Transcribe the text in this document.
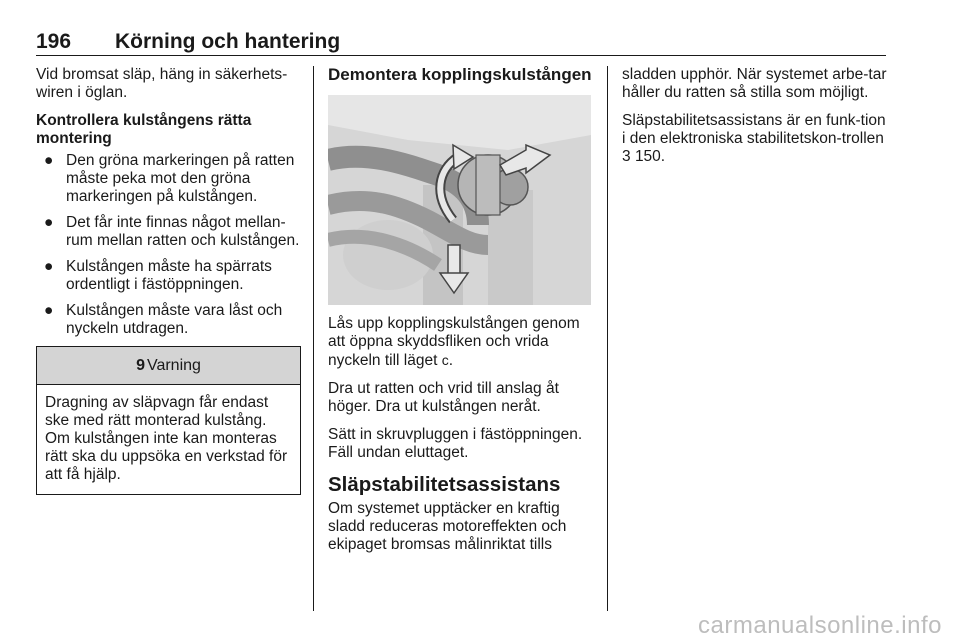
196 Körning och hantering

Vid bromsat släp, häng in säkerhets-wiren i öglan.

Kontrollera kulstångens rätta montering

● Den gröna markeringen på ratten måste peka mot den gröna markeringen på kulstången.
● Det får inte finnas något mellan-rum mellan ratten och kulstången.
● Kulstången måste ha spärrats ordentligt i fästöppningen.
● Kulstången måste vara låst och nyckeln utdragen.
9 Varning
Dragning av släpvagn får endast ske med rätt monterad kulstång. Om kulstången inte kan monteras rätt ska du uppsöka en verkstad för att få hjälp.

Demontera kopplingskulstången

Lås upp kopplingskulstången genom att öppna skyddsfliken och vrida nyckeln till läget c.

Dra ut ratten och vrid till anslag åt höger. Dra ut kulstången neråt.

Sätt in skruvpluggen i fästöppningen. Fäll undan eluttaget.

Släpstabilitetsassistans

Om systemet upptäcker en kraftig sladd reduceras motoreffekten och ekipaget bromsas målinriktat tills

sladden upphör. När systemet arbe-tar håller du ratten så stilla som möjligt.

Släpstabilitetsassistans är en funk-tion i den elektroniska stabilitetskon-trollen 3 150.

carmanualsonline.info
